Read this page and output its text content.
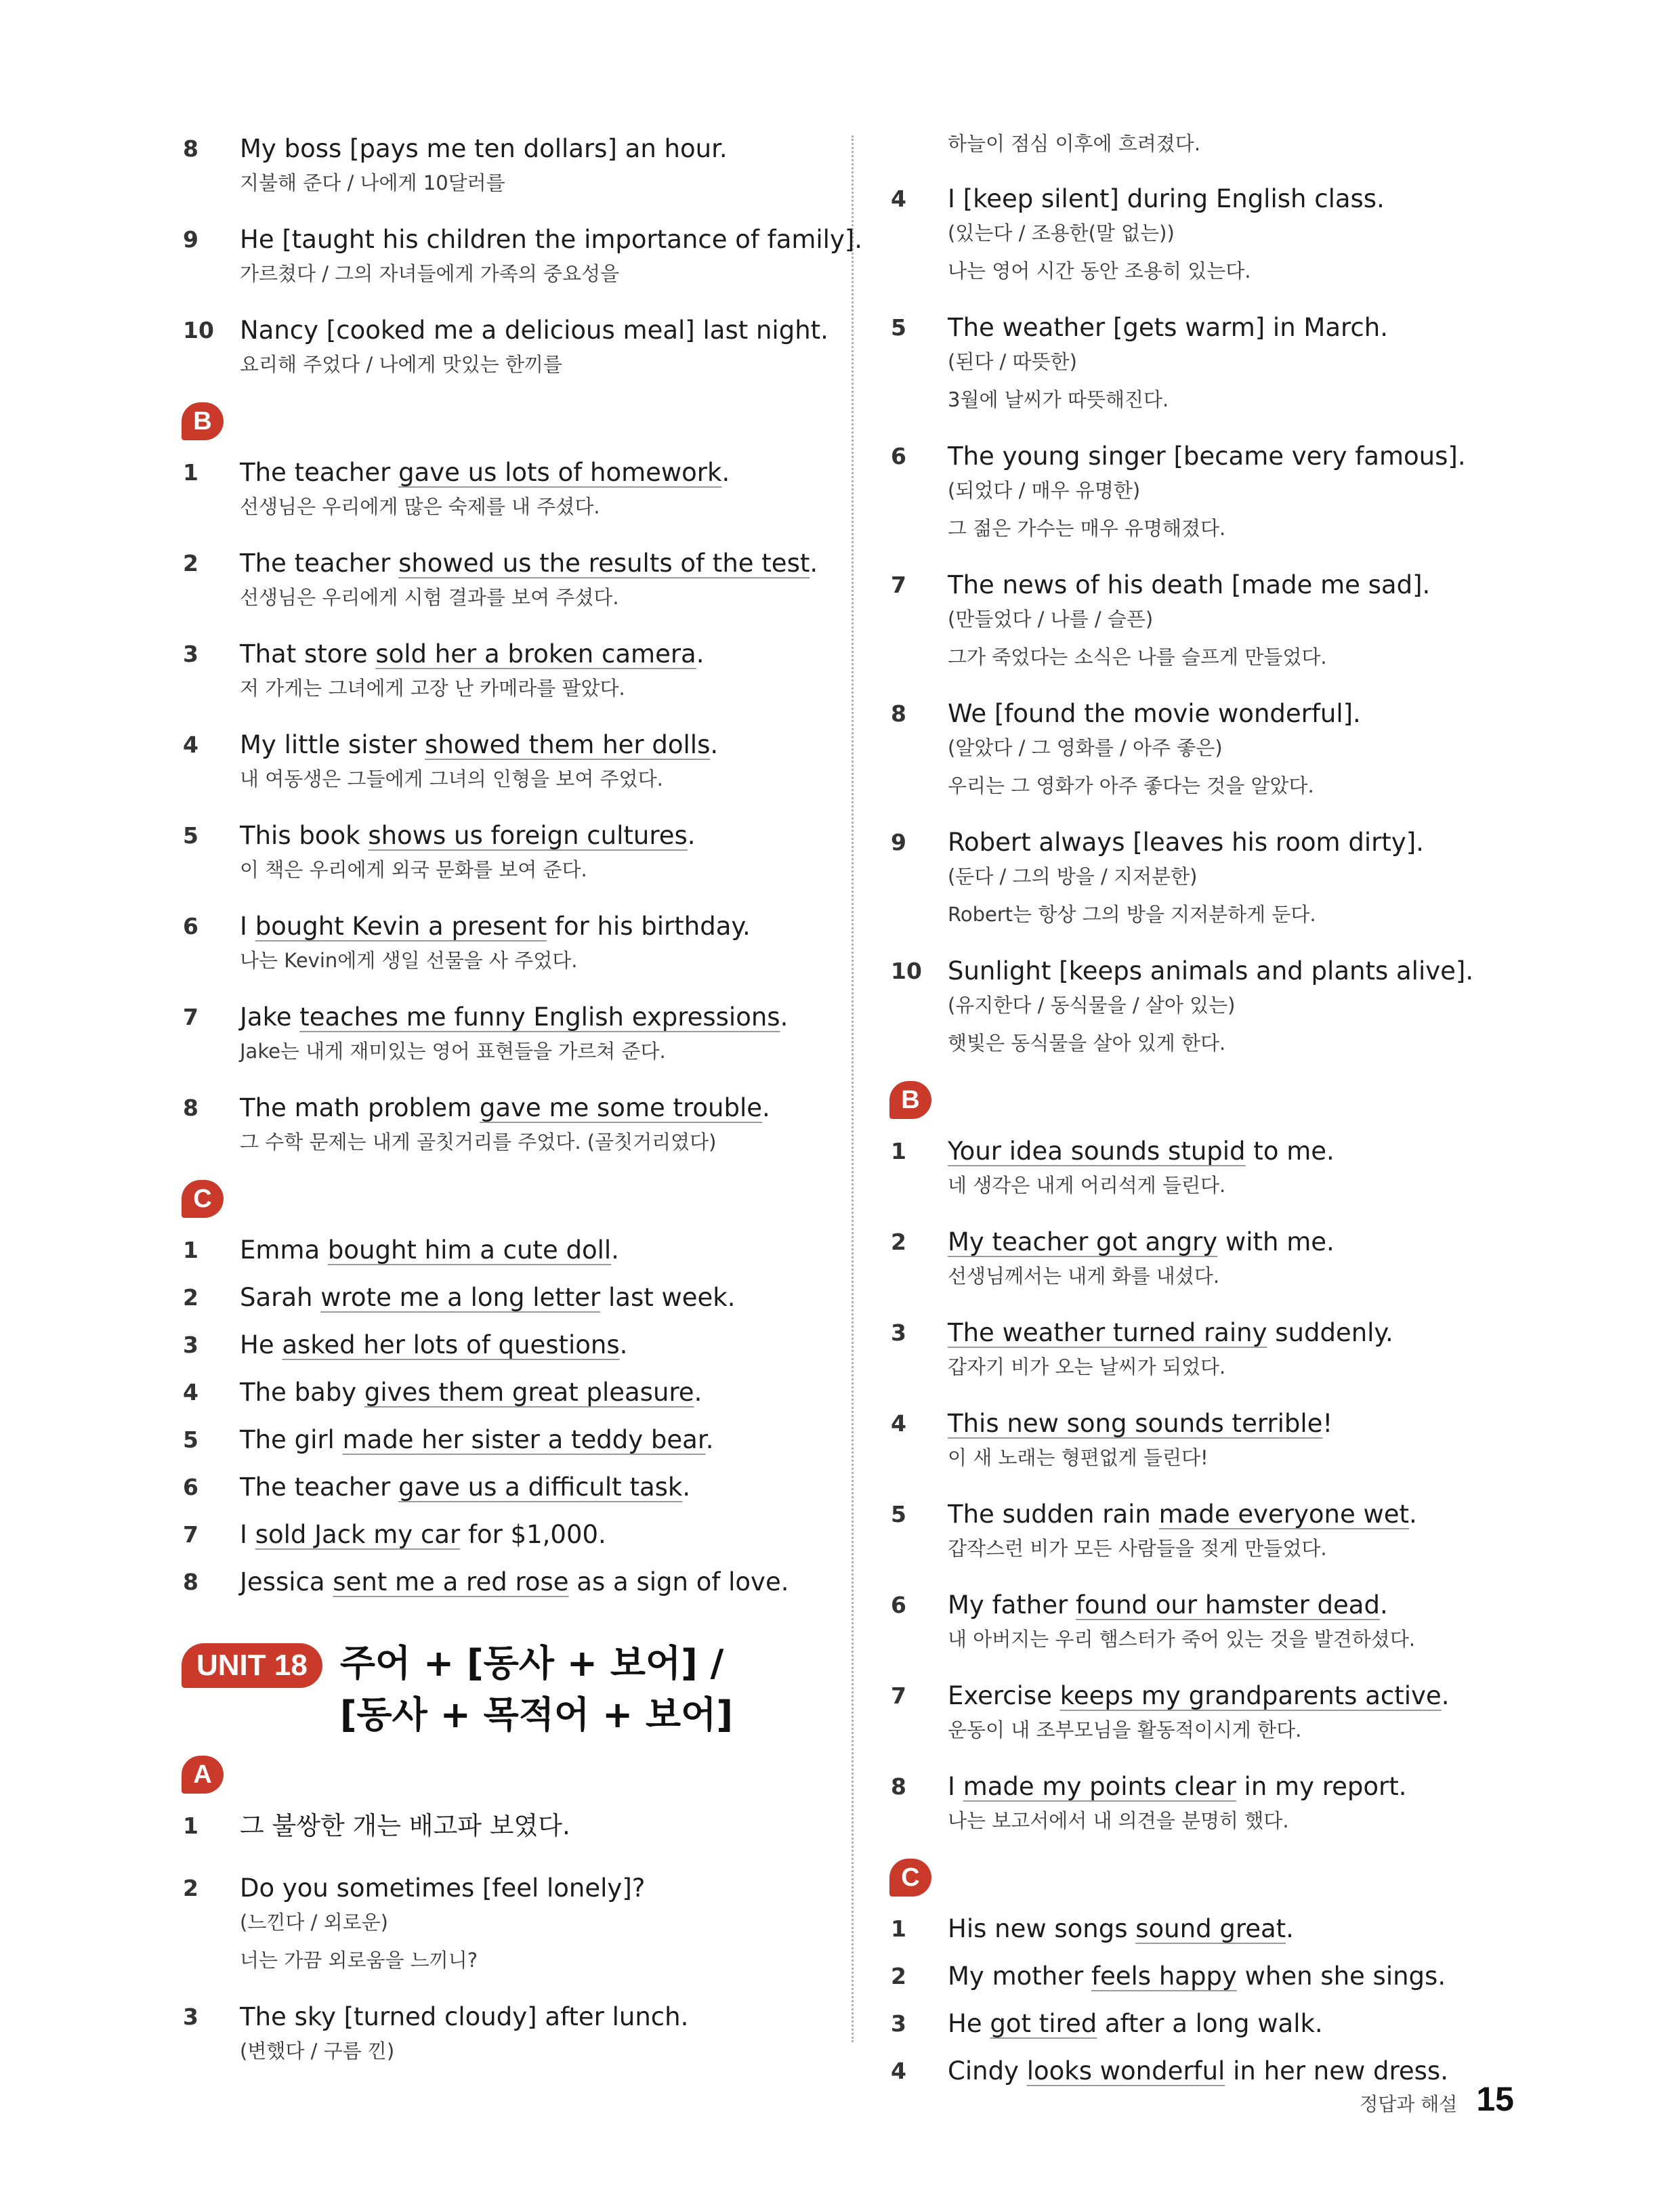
8	My boss [pays me ten dollars] an hour.
지불해 준다 / 나에게 10달러를
9	He [taught his children the importance of family].
가르쳤다 / 그의 자녀들에게 가족의 중요성을
10	Nancy [cooked me a delicious meal] last night.
요리해 주었다 / 나에게 맛있는 한끼를
B
1	The teacher gave us lots of homework.
선생님은 우리에게 많은 숙제를 내 주셨다.
2	The teacher showed us the results of the test.
선생님은 우리에게 시험 결과를 보여 주셨다.
3	That store sold her a broken camera.
저 가게는 그녀에게 고장 난 카메라를 팔았다.
4	My little sister showed them her dolls.
내 여동생은 그들에게 그녀의 인형을 보여 주었다.
5	This book shows us foreign cultures.
이 책은 우리에게 외국 문화를 보여 준다.
6	I bought Kevin a present for his birthday.
나는 Kevin에게 생일 선물을 사 주었다.
7	Jake teaches me funny English expressions.
Jake는 내게 재미있는 영어 표현들을 가르쳐 준다.
8	The math problem gave me some trouble.
그 수학 문제는 내게 골칫거리를 주었다. (골칫거리였다)
C
1	Emma bought him a cute doll.
2	Sarah wrote me a long letter last week.
3	He asked her lots of questions.
4	The baby gives them great pleasure.
5	The girl made her sister a teddy bear.
6	The teacher gave us a difficult task.
7	I sold Jack my car for $1,000.
8	Jessica sent me a red rose as a sign of love.
UNIT 18 주어 + [동사 + 보어] /
[동사 + 목적어 + 보어]
A
1	그 불쌍한 개는 배고파 보였다.
2	Do you sometimes [feel lonely]?
(느낀다 / 외로운)
너는 가끔 외로움을 느끼니?
3	The sky [turned cloudy] after lunch.
(변했다 / 구름 낀)
하늘이 점심 이후에 흐려졌다.
4	I [keep silent] during English class.
(있는다 / 조용한(말 없는))
나는 영어 시간 동안 조용히 있는다.
5	The weather [gets warm] in March.
(된다 / 따뜻한)
3월에 날씨가 따뜻해진다.
6	The young singer [became very famous].
(되었다 / 매우 유명한)
그 젊은 가수는 매우 유명해졌다.
7	The news of his death [made me sad].
(만들었다 / 나를 / 슬픈)
그가 죽었다는 소식은 나를 슬프게 만들었다.
8	We [found the movie wonderful].
(알았다 / 그 영화를 / 아주 좋은)
우리는 그 영화가 아주 좋다는 것을 알았다.
9	Robert always [leaves his room dirty].
(둔다 / 그의 방을 / 지저분한)
Robert는 항상 그의 방을 지저분하게 둔다.
10	Sunlight [keeps animals and plants alive].
(유지한다 / 동식물을 / 살아 있는)
햇빛은 동식물을 살아 있게 한다.
B
1	Your idea sounds stupid to me.
네 생각은 내게 어리석게 들린다.
2	My teacher got angry with me.
선생님께서는 내게 화를 내셨다.
3	The weather turned rainy suddenly.
갑자기 비가 오는 날씨가 되었다.
4	This new song sounds terrible!
이 새 노래는 형편없게 들린다!
5	The sudden rain made everyone wet.
갑작스런 비가 모든 사람들을 젖게 만들었다.
6	My father found our hamster dead.
내 아버지는 우리 햄스터가 죽어 있는 것을 발견하셨다.
7	Exercise keeps my grandparents active.
운동이 내 조부모님을 활동적이시게 한다.
8	I made my points clear in my report.
나는 보고서에서 내 의견을 분명히 했다.
C
1	His new songs sound great.
2	My mother feels happy when she sings.
3	He got tired after a long walk.
4	Cindy looks wonderful in her new dress.
정답과 해설 15
